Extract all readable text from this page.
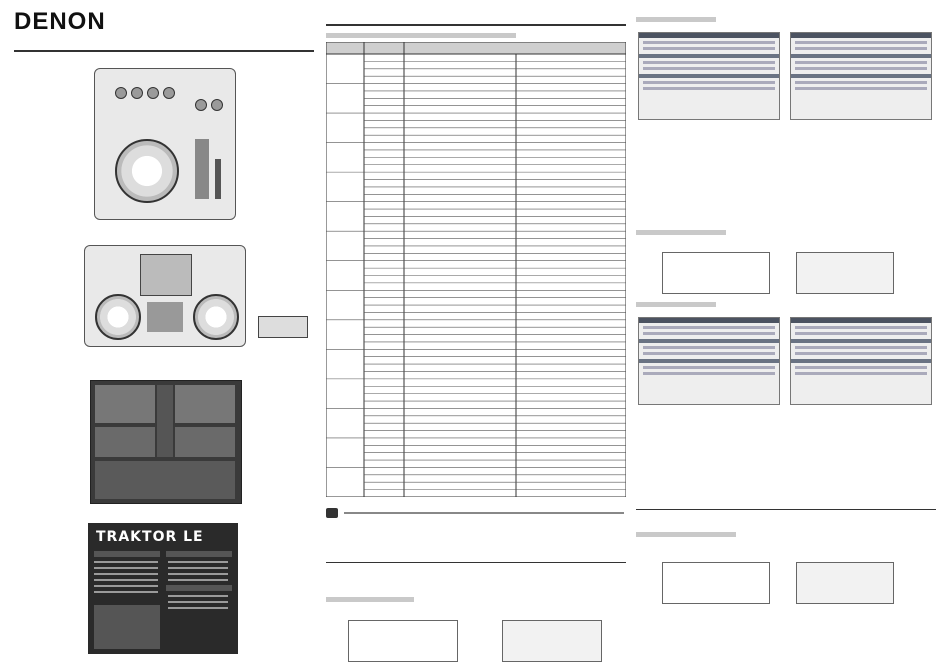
DENON
TRAKTOR LE
